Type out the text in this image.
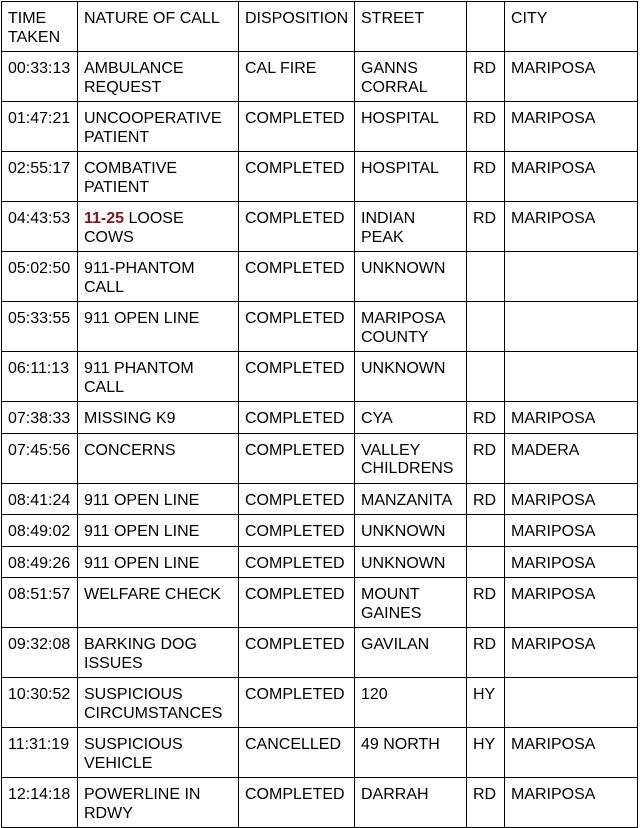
TIME TAKEN	NATURE OF CALL	DISPOSITION	STREET		CITY
00:33:13	AMBULANCE REQUEST	CAL FIRE	GANNS CORRAL	RD	MARIPOSA
01:47:21	UNCOOPERATIVE PATIENT	COMPLETED	HOSPITAL	RD	MARIPOSA
02:55:17	COMBATIVE PATIENT	COMPLETED	HOSPITAL	RD	MARIPOSA
04:43:53	11-25 LOOSE COWS	COMPLETED	INDIAN PEAK	RD	MARIPOSA
05:02:50	911-PHANTOM CALL	COMPLETED	UNKNOWN		
05:33:55	911 OPEN LINE	COMPLETED	MARIPOSA COUNTY		
06:11:13	911 PHANTOM CALL	COMPLETED	UNKNOWN		
07:38:33	MISSING K9	COMPLETED	CYA	RD	MARIPOSA
07:45:56	CONCERNS	COMPLETED	VALLEY CHILDRENS	RD	MADERA
08:41:24	911 OPEN LINE	COMPLETED	MANZANITA	RD	MARIPOSA
08:49:02	911 OPEN LINE	COMPLETED	UNKNOWN		MARIPOSA
08:49:26	911 OPEN LINE	COMPLETED	UNKNOWN		MARIPOSA
08:51:57	WELFARE CHECK	COMPLETED	MOUNT GAINES	RD	MARIPOSA
09:32:08	BARKING DOG ISSUES	COMPLETED	GAVILAN	RD	MARIPOSA
10:30:52	SUSPICIOUS CIRCUMSTANCES	COMPLETED	120	HY	
11:31:19	SUSPICIOUS VEHICLE	CANCELLED	49 NORTH	HY	MARIPOSA
12:14:18	POWERLINE IN RDWY	COMPLETED	DARRAH	RD	MARIPOSA
